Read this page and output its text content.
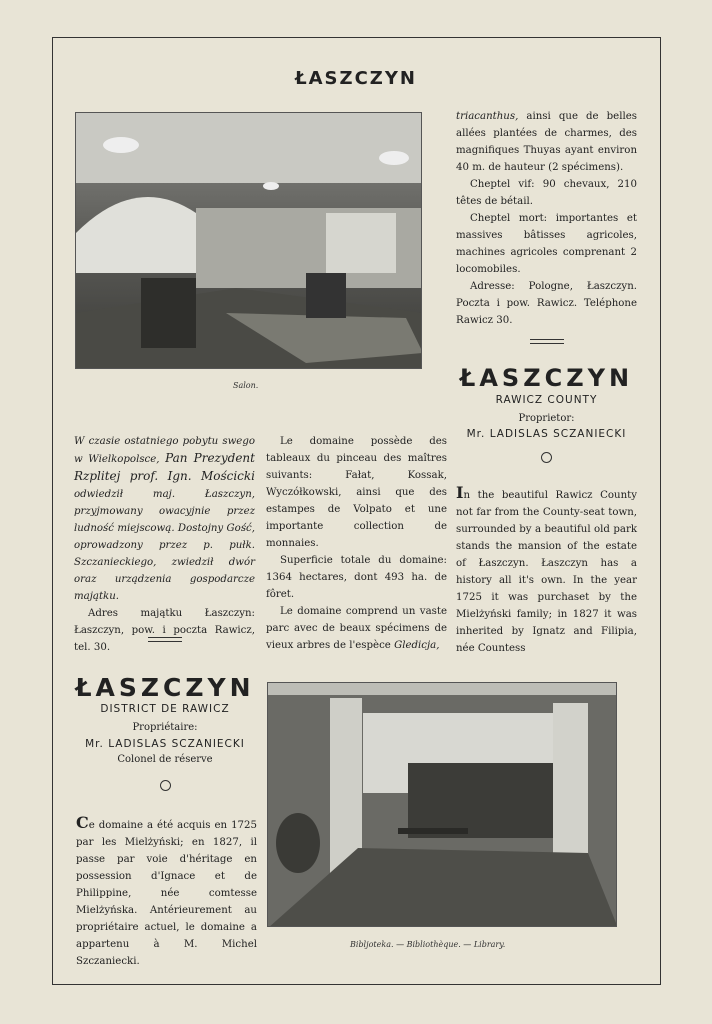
ŁASZCZYN
Salon.

triacanthus, ainsi que de belles allées plantées de charmes, des magnifiques Thuyas ayant environ 40 m. de hauteur (2 spécimens).

Cheptel vif: 90 chevaux, 210 têtes de bétail.

Cheptel mort: importantes et massives bâtisses agricoles, machines agricoles comprenant 2 locomobiles.

Adresse: Pologne, Łaszczyn. Poczta i pow. Rawicz. Teléphone Rawicz 30.

ŁASZCZYN
RAWICZ COUNTY
Proprietor:
Mr. LADISLAS SCZANIECKI

In the beautiful Rawicz County not far from the County-seat town, surrounded by a beautiful old park stands the mansion of the estate of Łaszczyn. Łaszczyn has a history all it's own. In the year 1725 it was purchaset by the Mielżyński family; in 1827 it was inherited by Ignatz and Filipia, née Countess

W czasie ostatniego pobytu swego w Wielkopolsce, Pan Prezydent Rzplitej prof. Ign. Mościcki odwiedził maj. Łaszczyn, przyjmowany owacyjnie przez ludność miejscową. Dostojny Gość, oprowadzony przez p. pułk. Szczanieckiego, zwiedził dwór oraz urządzenia gospodarcze majątku.

Adres majątku Łaszczyn: Łaszczyn, pow. i poczta Rawicz, tel. 30.

Le domaine possède des tableaux du pinceau des maîtres suivants: Fałat, Kossak, Wyczółkowski, ainsi que des estampes de Volpato et une importante collection de monnaies.

Superficie totale du domaine: 1364 hectares, dont 493 ha. de fôret.

Le domaine comprend un vaste parc avec de beaux spécimens de vieux arbres de l'espèce Gledicja,

ŁASZCZYN
DISTRICT DE RAWICZ
Propriétaire:
Mr. LADISLAS SCZANIECKI
Colonel de réserve

Ce domaine a été acquis en 1725 par les Mielżyński; en 1827, il passe par voie d'héritage en possession d'Ignace et de Philippine, née comtesse Mielżyńska. Antérieurement au propriétaire actuel, le domaine a appartenu à M. Michel Szczaniecki.

Bibljoteka. — Bibliothèque. — Library.
